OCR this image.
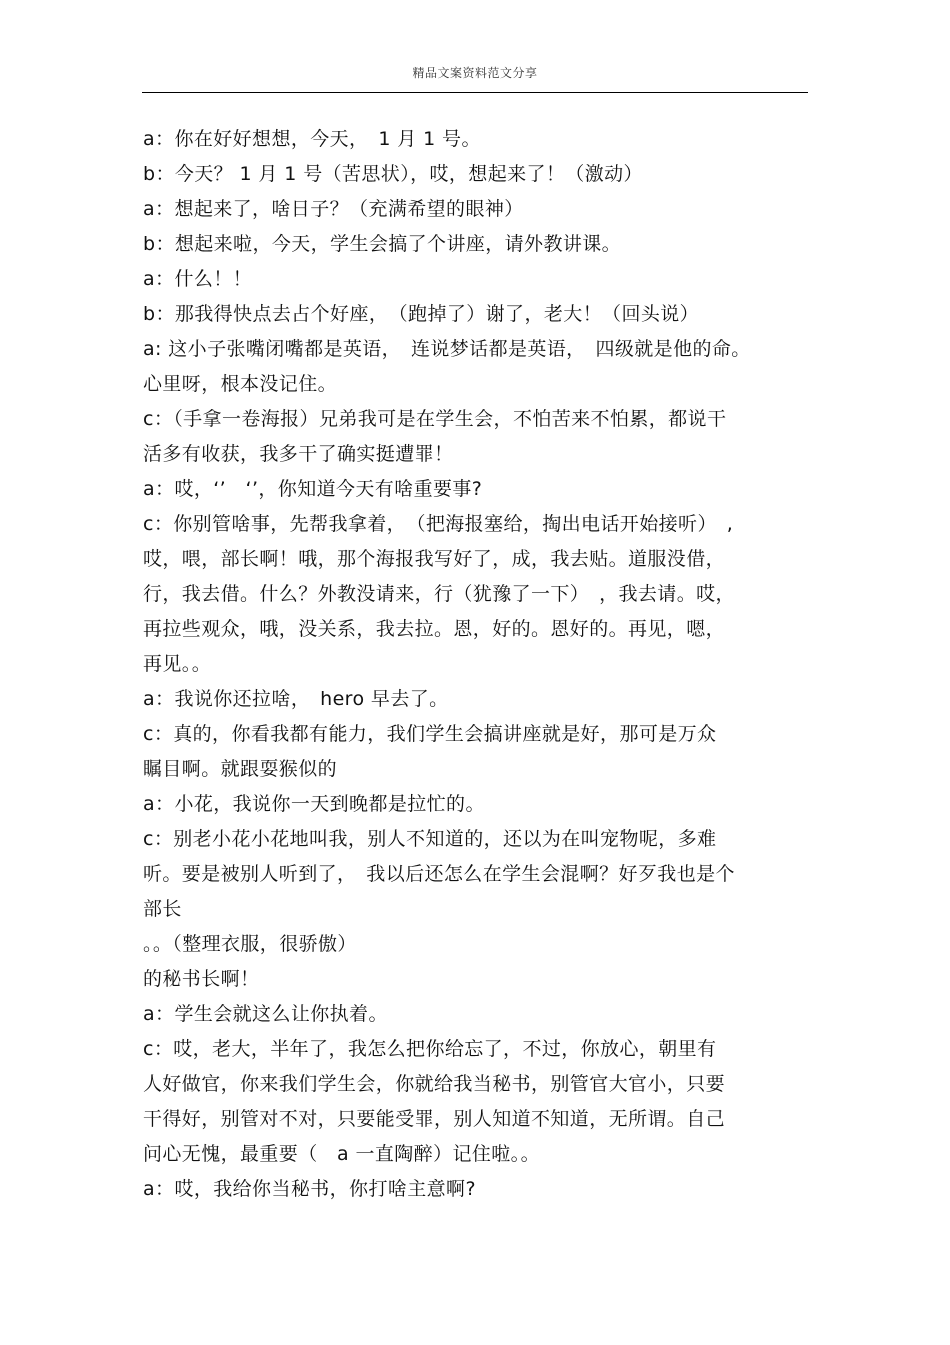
精品文案资料范文分享
a：你在好好想想，今天，　1 月 1 号。
b：今天？ 1 月 1 号（苦思状），哎，想起来了！（激动）
a：想起来了，啥日子？（充满希望的眼神）
b：想起来啦，今天，学生会搞了个讲座，请外教讲课。
a：什么！！
b：那我得快点去占个好座，　（跑掉了）谢了，老大！（回头说）
a: 这小子张嘴闭嘴都是英语，　连说梦话都是英语，　四级就是他的命。
心里呀，根本没记住。
c：（手拿一卷海报）兄弟我可是在学生会，不怕苦来不怕累，都说干
活多有收获，我多干了确实挺遭罪！
a：哎，‘’　‘’，你知道今天有啥重要事?
c：你别管啥事，先帮我拿着，　（把海报塞给，掏出电话开始接听）　,
哎，喂，部长啊！哦，那个海报我写好了，成，我去贴。道服没借，
行，我去借。什么？外教没请来，行（犹豫了一下）　，我去请。哎，
再拉些观众，哦，没关系，我去拉。恩，好的。恩好的。再见，嗯，
再见。。
a：我说你还拉啥，　hero 早去了。
c：真的，你看我都有能力，我们学生会搞讲座就是好，那可是万众
瞩目啊。就跟耍猴似的
a：小花，我说你一天到晚都是拉忙的。
c：别老小花小花地叫我，别人不知道的，还以为在叫宠物呢，多难
听。要是被别人听到了，　我以后还怎么在学生会混啊？好歹我也是个
部长
。。（整理衣服，很骄傲）
的秘书长啊！
a：学生会就这么让你执着。
c：哎，老大，半年了，我怎么把你给忘了，不过，你放心，朝里有
人好做官，你来我们学生会，你就给我当秘书，别管官大官小，只要
干得好，别管对不对，只要能受罪，别人知道不知道，无所谓。自己
问心无愧，最重要（　a 一直陶醉）记住啦。。
a：哎，我给你当秘书，你打啥主意啊?
